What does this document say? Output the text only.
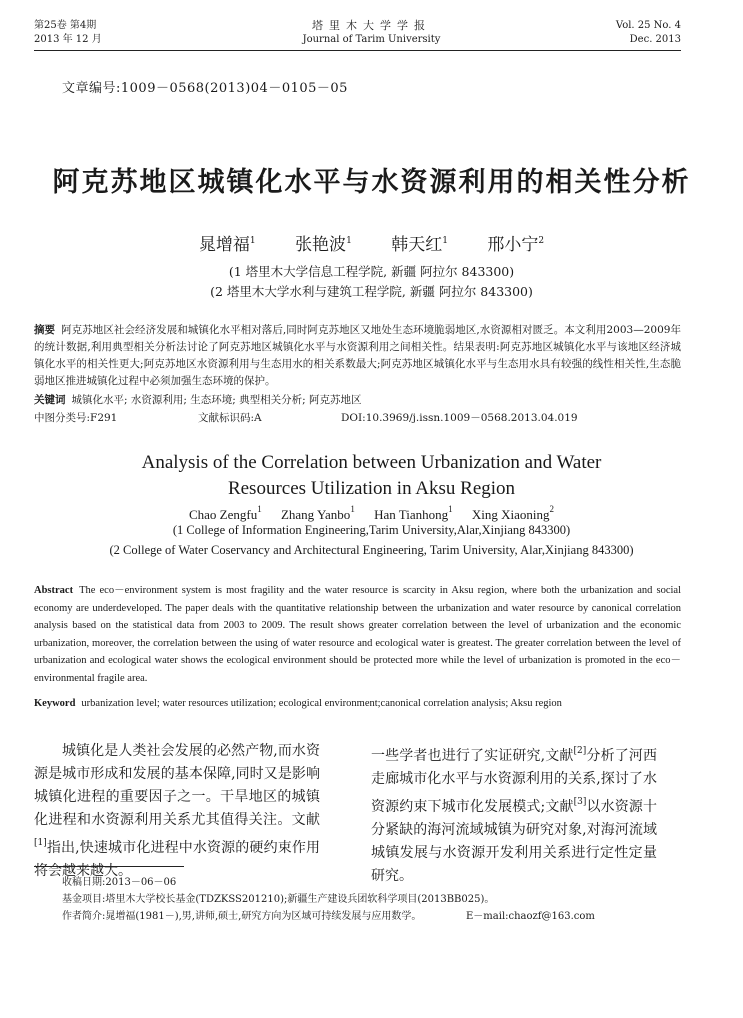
第25卷 第4期
2013 年 12 月
塔里木大学学报
Journal of Tarim University
Vol. 25 No. 4
Dec. 2013
文章编号:1009－0568(2013)04－0105－05
阿克苏地区城镇化水平与水资源利用的相关性分析
晁增福$^1$ 张艳波$^1$ 韩天红$^1$ 邢小宁$^2$
(1 塔里木大学信息工程学院, 新疆 阿拉尔 843300)
(2 塔里木大学水利与建筑工程学院, 新疆 阿拉尔 843300)
摘要 阿克苏地区社会经济发展和城镇化水平相对落后,同时阿克苏地区又地处生态环境脆弱地区,水资源相对匮乏。本文利用2003—2009年的统计数据,利用典型相关分析法讨论了阿克苏地区城镇化水平与水资源利用之间相关性。结果表明:阿克苏地区城镇化水平与该地区经济城镇化水平的相关性更大;阿克苏地区水资源利用与生态用水的相关系数最大;阿克苏地区城镇化水平与生态用水具有较强的线性相关性,生态脆弱地区推进城镇化过程中必须加强生态环境的保护。
关键词 城镇化水平; 水资源利用; 生态环境; 典型相关分析; 阿克苏地区
中图分类号:F291	文献标识码:A	DOI:10.3969/j.issn.1009－0568.2013.04.019
Analysis of the Correlation between Urbanization and Water
Resources Utilization in Aksu Region
Chao Zengfu$^1$ Zhang Yanbo$^1$ Han Tianhong$^1$ Xing Xiaoning$^2$
(1 College of Information Engineering,Tarim University,Alar,Xinjiang 843300)
(2 College of Water Coservancy and Architectural Engineering, Tarim University, Alar,Xinjiang 843300)
Abstract The eco－environment system is most fragility and the water resource is scarcity in Aksu region, where both the urbanization and social economy are underdeveloped. The paper deals with the quantitative relationship between the urbanization and water resource by canonical correlation analysis based on the statistical data from 2003 to 2009. The result shows greater correlation between the level of urbanization and the economic urbanization, moreover, the correlation between the using of water resource and ecological water is greatest. The greater correlation between the level of urbanization and ecological water shows the ecological environment should be protected more while the level of urbanization is promoted in the eco－environmental fragile area.
Keyword urbanization level; water resources utilization; ecological environment;canonical correlation analysis; Aksu region
城镇化是人类社会发展的必然产物,而水资源是城市形成和发展的基本保障,同时又是影响城镇化进程的重要因子之一。干旱地区的城镇化进程和水资源利用关系尤其值得关注。文献[1]指出,快速城市化进程中水资源的硬约束作用将会越来越大。
一些学者也进行了实证研究,文献[2]分析了河西走廊城市化水平与水资源利用的关系,探讨了水资源约束下城市化发展模式;文献[3]以水资源十分紧缺的海河流域城镇为研究对象,对海河流域城镇发展与水资源开发利用关系进行定性定量研究。
收稿日期:2013－06－06
基金项目:塔里木大学校长基金(TDZKSS201210);新疆生产建设兵团软科学项目(2013BB025)。
作者简介:晁增福(1981－),男,讲师,硕士,研究方向为区域可持续发展与应用数学。	E－mail:chaozf@163.com
